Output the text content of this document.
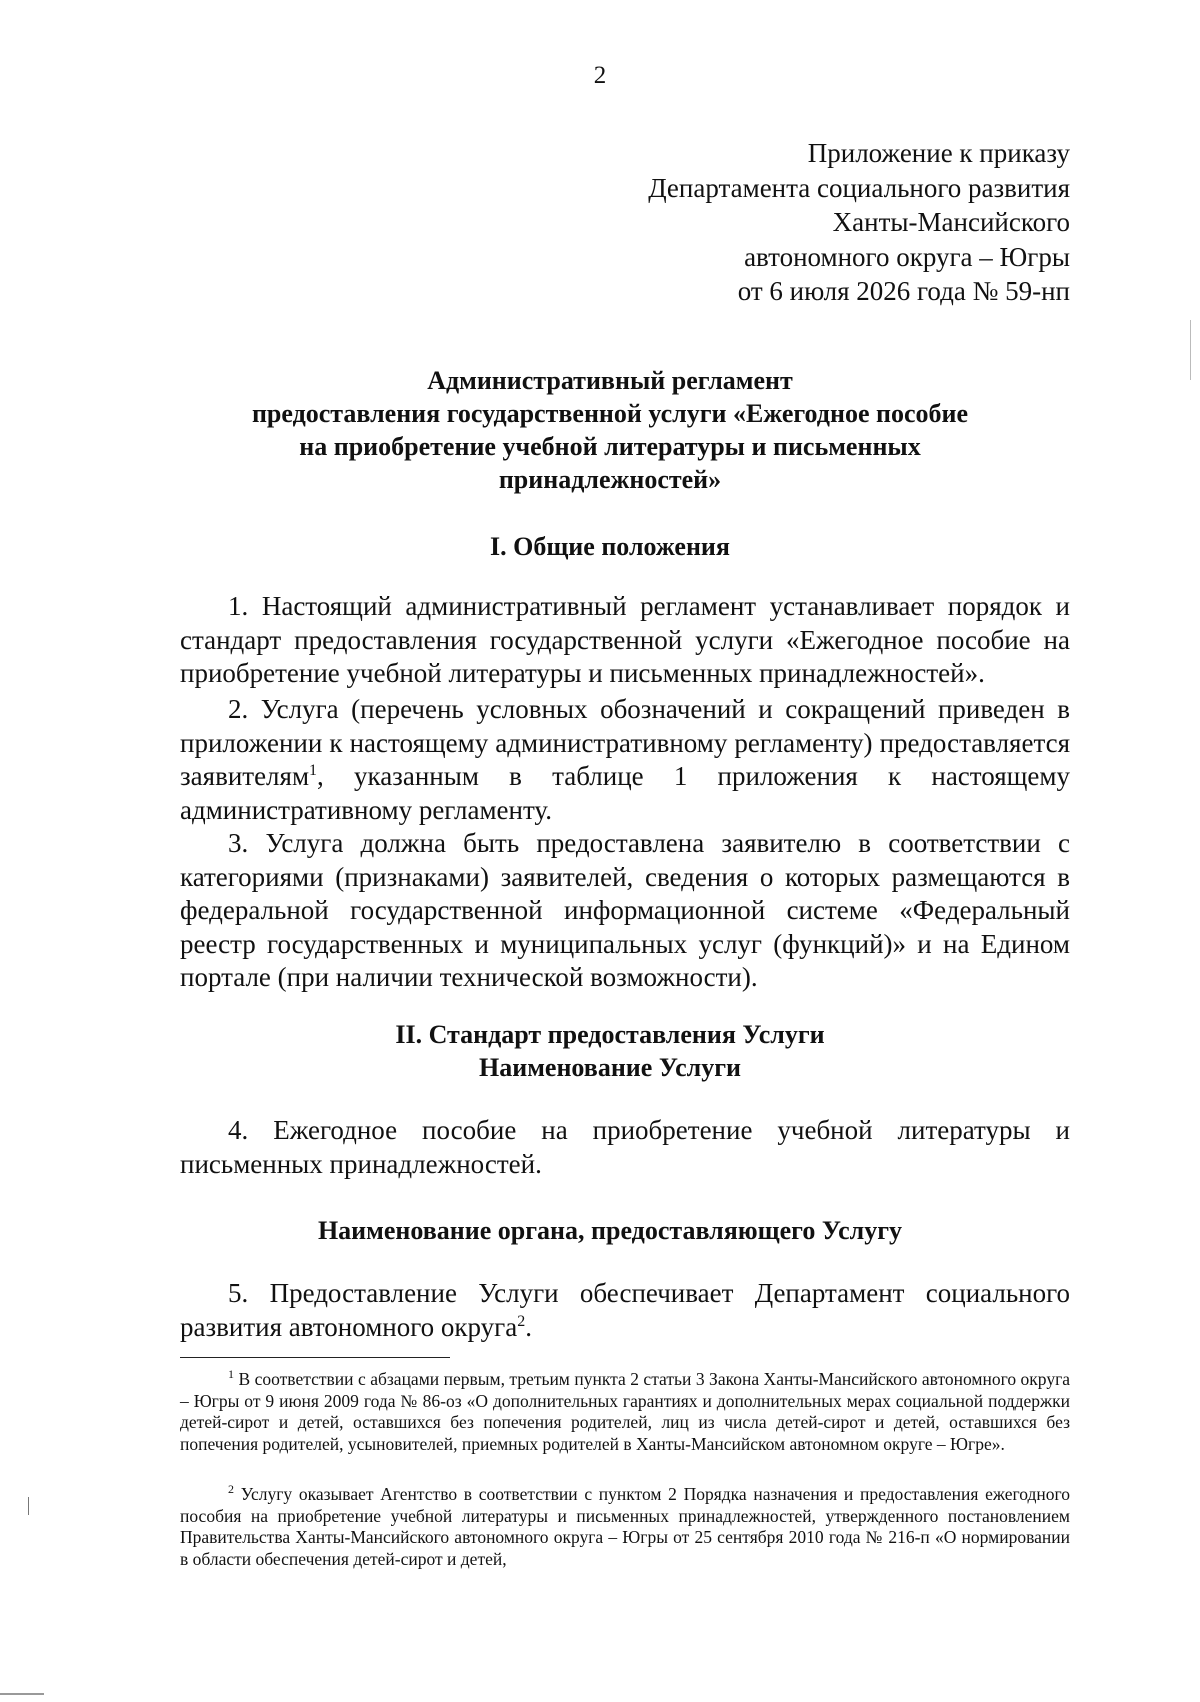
2
Приложение к приказу
Департамента социального развития
Ханты-Мансийского
автономного округа – Югры
от 6 июля 2026 года № 59-нп
Административный регламент
предоставления государственной услуги «Ежегодное пособие
на приобретение учебной литературы и письменных
принадлежностей»
I. Общие положения
1. Настоящий административный регламент устанавливает порядок и стандарт предоставления государственной услуги «Ежегодное пособие на приобретение учебной литературы и письменных принадлежностей».
2. Услуга (перечень условных обозначений и сокращений приведен в приложении к настоящему административному регламенту) предоставляется заявителям$^1$, указанным в таблице 1 приложения к настоящему административному регламенту.
3. Услуга должна быть предоставлена заявителю в соответствии с категориями (признаками) заявителей, сведения о которых размещаются в федеральной государственной информационной системе «Федеральный реестр государственных и муниципальных услуг (функций)» и на Едином портале (при наличии технической возможности).
II. Стандарт предоставления Услуги
Наименование Услуги
4. Ежегодное пособие на приобретение учебной литературы и письменных принадлежностей.
Наименование органа, предоставляющего Услугу
5. Предоставление Услуги обеспечивает Департамент социального развития автономного округа$^2$.
$^1$ В соответствии с абзацами первым, третьим пункта 2 статьи 3 Закона Ханты-Мансийского автономного округа – Югры от 9 июня 2009 года № 86-оз «О дополнительных гарантиях и дополнительных мерах социальной поддержки детей-сирот и детей, оставшихся без попечения родителей, лиц из числа детей-сирот и детей, оставшихся без попечения родителей, усыновителей, приемных родителей в Ханты-Мансийском автономном округе – Югре».
$^2$ Услугу оказывает Агентство в соответствии с пунктом 2 Порядка назначения и предоставления ежегодного пособия на приобретение учебной литературы и письменных принадлежностей, утвержденного постановлением Правительства Ханты-Мансийского автономного округа – Югры от 25 сентября 2010 года № 216-п «О нормировании в области обеспечения детей-сирот и детей,
